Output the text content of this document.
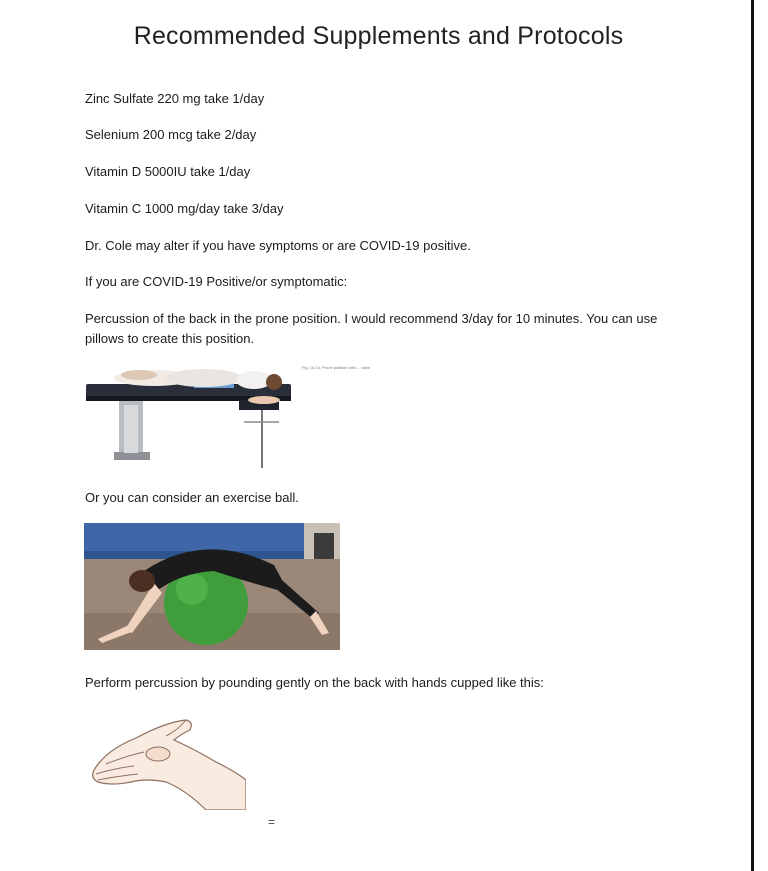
Recommended Supplements and Protocols
Zinc Sulfate 220 mg take 1/day
Selenium 200 mcg take 2/day
Vitamin D 5000IU take 1/day
Vitamin C 1000 mg/day take 3/day
Dr. Cole may alter if you have symptoms or are COVID-19 positive.
If you are COVID-19 Positive/or symptomatic:
Percussion of the back in the prone position. I would recommend 3/day for 10 minutes. You can use pillows to create this position.
Fig. 16.14. Prone position with ... table
Or you can consider an exercise ball.
Perform percussion by pounding gently on the back with hands cupped like this:
=
